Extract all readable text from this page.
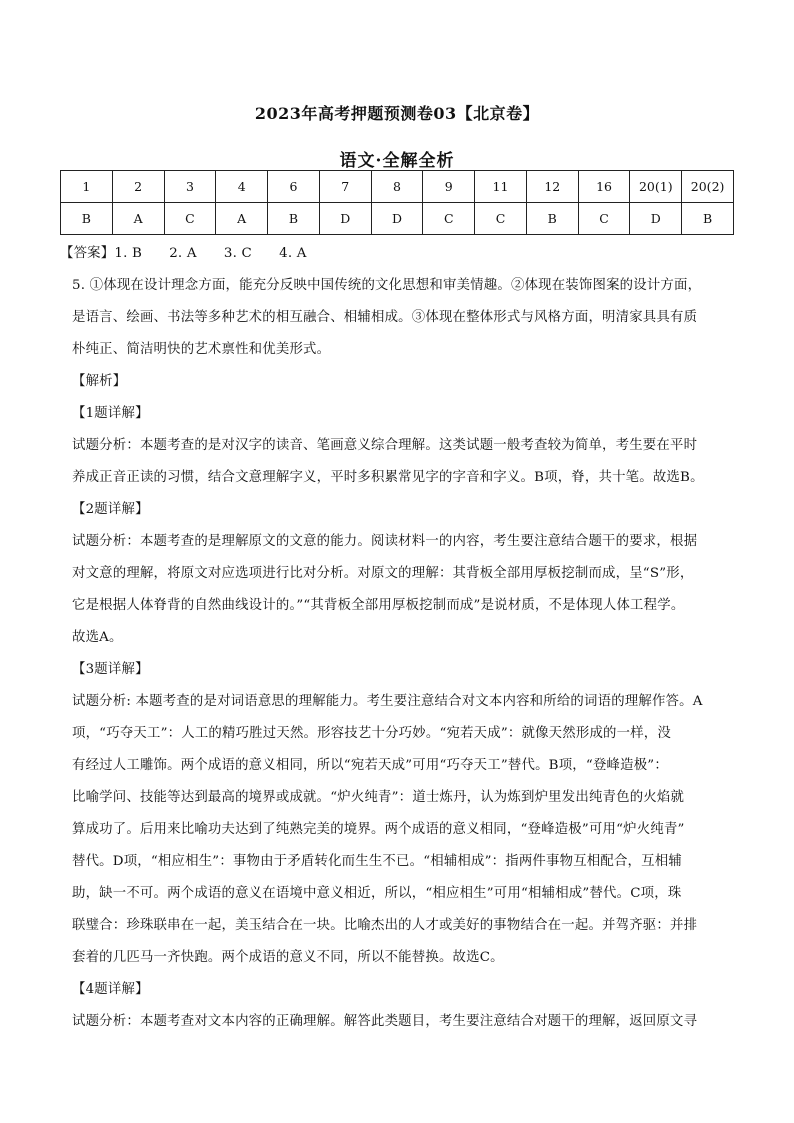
2023年高考押题预测卷03【北京卷】
语文·全解全析
1	2	3	4	6	7	8	9	11	12	16	20(1)	20(2)
B	A	C	A	B	D	D	C	C	B	C	D	B
【答案】1. B　　2. A　　3. C　　4. A
5. ①体现在设计理念方面，能充分反映中国传统的文化思想和审美情趣。②体现在装饰图案的设计方面，
是语言、绘画、书法等多种艺术的相互融合、相辅相成。③体现在整体形式与风格方面，明清家具具有质
朴纯正、简洁明快的艺术禀性和优美形式。
【解析】
【1题详解】
试题分析：本题考查的是对汉字的读音、笔画意义综合理解。这类试题一般考查较为简单，考生要在平时
养成正音正读的习惯，结合文意理解字义，平时多积累常见字的字音和字义。B项，脊，共十笔。故选B。
【2题详解】
试题分析：本题考查的是理解原文的文意的能力。阅读材料一的内容，考生要注意结合题干的要求，根据
对文意的理解，将原文对应选项进行比对分析。对原文的理解：其背板全部用厚板挖制而成，呈“S”形，
它是根据人体脊背的自然曲线设计的。”“其背板全部用厚板挖制而成”是说材质，不是体现人体工程学。
故选A。
【3题详解】
试题分析: 本题考查的是对词语意思的理解能力。考生要注意结合对文本内容和所给的词语的理解作答。A
项，“巧夺天工”：人工的精巧胜过天然。形容技艺十分巧妙。“宛若天成”：就像天然形成的一样，没
有经过人工雕饰。两个成语的意义相同，所以“宛若天成”可用“巧夺天工”替代。B项，“登峰造极”：
比喻学问、技能等达到最高的境界或成就。“炉火纯青”：道士炼丹，认为炼到炉里发出纯青色的火焰就
算成功了。后用来比喻功夫达到了纯熟完美的境界。两个成语的意义相同，“登峰造极”可用“炉火纯青”
替代。D项，“相应相生”：事物由于矛盾转化而生生不已。“相辅相成”：指两件事物互相配合，互相辅
助，缺一不可。两个成语的意义在语境中意义相近，所以，“相应相生”可用“相辅相成”替代。C项，珠
联璧合：珍珠联串在一起，美玉结合在一块。比喻杰出的人才或美好的事物结合在一起。并驾齐驱：并排
套着的几匹马一齐快跑。两个成语的意义不同，所以不能替换。故选C。
【4题详解】
试题分析：本题考查对文本内容的正确理解。解答此类题目，考生要注意结合对题干的理解，返回原文寻
